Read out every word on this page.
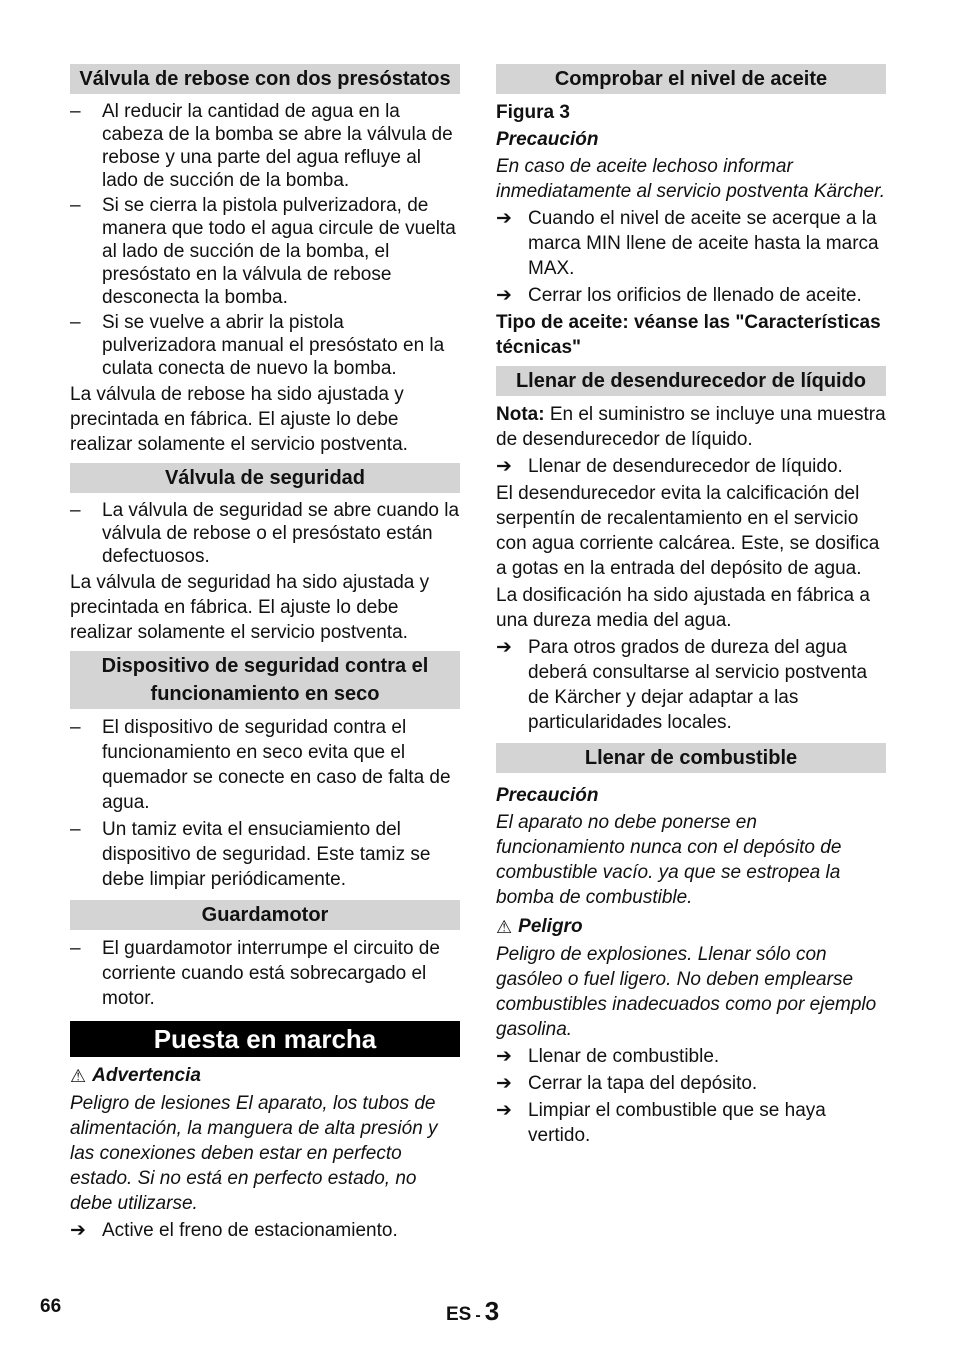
Válvula de rebose con dos presóstatos
– Al reducir la cantidad de agua en la cabeza de la bomba se abre la válvula de rebose y una parte del agua refluye al lado de succión de la bomba.
– Si se cierra la pistola pulverizadora, de manera que todo el agua circule de vuelta al lado de succión de la bomba, el presóstato en la válvula de rebose desconecta la bomba.
– Si se vuelve a abrir la pistola pulverizadora manual el presóstato en la culata conecta de nuevo la bomba.
La válvula de rebose ha sido ajustada y precintada en fábrica. El ajuste lo debe realizar solamente el servicio postventa.
Válvula de seguridad
– La válvula de seguridad se abre cuando la válvula de rebose o el presóstato están defectuosos.
La válvula de seguridad ha sido ajustada y precintada en fábrica. El ajuste lo debe realizar solamente el servicio postventa.
Dispositivo de seguridad contra el funcionamiento en seco
– El dispositivo de seguridad contra el funcionamiento en seco evita que el quemador se conecte en caso de falta de agua.
– Un tamiz evita el ensuciamiento del dispositivo de seguridad. Este tamiz se debe limpiar periódicamente.
Guardamotor
– El guardamotor interrumpe el circuito de corriente cuando está sobrecargado el motor.
Puesta en marcha
⚠ Advertencia
Peligro de lesiones El aparato, los tubos de alimentación, la manguera de alta presión y las conexiones deben estar en perfecto estado. Si no está en perfecto estado, no debe utilizarse.
➔ Active el freno de estacionamiento.
Comprobar el nivel de aceite
Figura 3
Precaución
En caso de aceite lechoso informar inmediatamente al servicio postventa Kärcher.
➔ Cuando el nivel de aceite se acerque a la marca MIN llene de aceite hasta la marca MAX.
➔ Cerrar los orificios de llenado de aceite.
Tipo de aceite: véanse las "Características técnicas"
Llenar de desendurecedor de líquido
Nota: En el suministro se incluye una muestra de desendurecedor de líquido.
➔ Llenar de desendurecedor de líquido.
El desendurecedor evita la calcificación del serpentín de recalentamiento en el servicio con agua corriente calcárea. Este, se dosifica a gotas en la entrada del depósito de agua.
La dosificación ha sido ajustada en fábrica a una dureza media del agua.
➔ Para otros grados de dureza del agua deberá consultarse al servicio postventa de Kärcher y dejar adaptar a las particularidades locales.
Llenar de combustible
Precaución
El aparato no debe ponerse en funcionamiento nunca con el depósito de combustible vacío. ya que se estropea la bomba de combustible.
⚠ Peligro
Peligro de explosiones. Llenar sólo con gasóleo o fuel ligero. No deben emplearse combustibles inadecuados como por ejemplo gasolina.
➔ Llenar de combustible.
➔ Cerrar la tapa del depósito.
➔ Limpiar el combustible que se haya vertido.
66	ES - 3
